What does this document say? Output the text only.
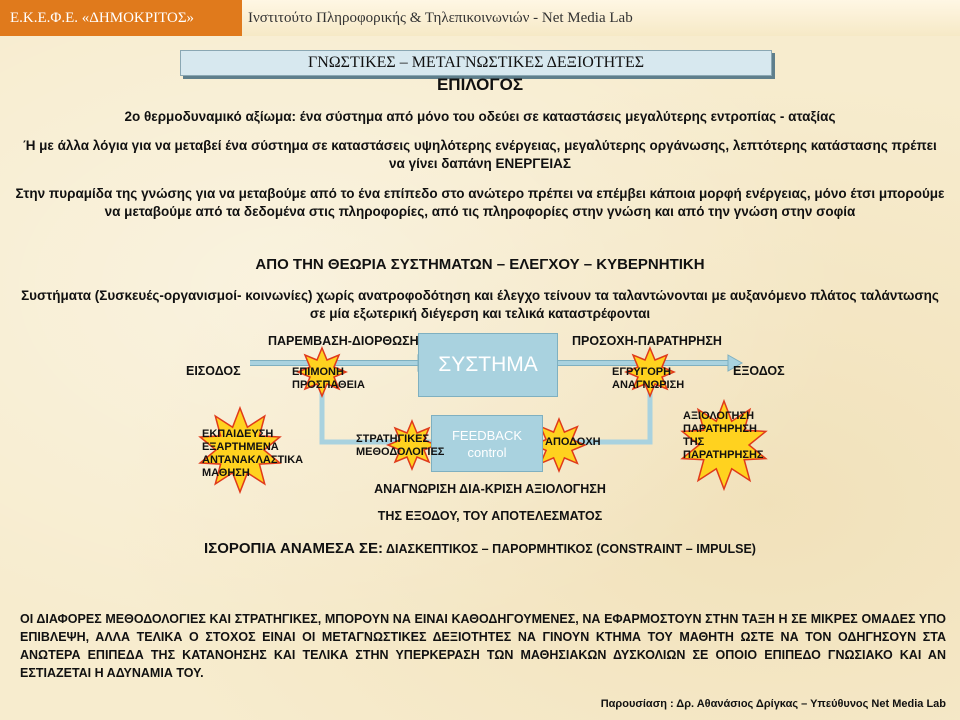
Ε.Κ.Ε.Φ.Ε. «ΔΗΜΟΚΡΙΤΟΣ»	Ινστιτούτο Πληροφορικής & Τηλεπικοινωνιών - Net Media Lab
ΓΝΩΣΤΙΚΕΣ – ΜΕΤΑΓΝΩΣΤΙΚΕΣ ΔΕΞΙΟΤΗΤΕΣ
ΕΠΙΛΟΓΟΣ
2ο θερμοδυναμικό αξίωμα: ένα σύστημα από μόνο του οδεύει σε καταστάσεις μεγαλύτερης εντροπίας - αταξίας
Ή με άλλα λόγια για να μεταβεί ένα σύστημα σε καταστάσεις υψηλότερης ενέργειας, μεγαλύτερης οργάνωσης, λεπτότερης κατάστασης πρέπει να γίνει δαπάνη ΕΝΕΡΓΕΙΑΣ
Στην πυραμίδα της γνώσης για να μεταβούμε από το ένα επίπεδο στο ανώτερο πρέπει να επέμβει κάποια μορφή ενέργειας, μόνο έτσι μπορούμε να μεταβούμε από τα δεδομένα στις πληροφορίες, από τις πληροφορίες στην γνώση και από την γνώση στην σοφία
ΑΠΟ ΤΗΝ ΘΕΩΡΙΑ ΣΥΣΤΗΜΑΤΩΝ – ΕΛΕΓΧΟΥ – ΚΥΒΕΡΝΗΤΙΚΗ
Συστήματα (Συσκευές-οργανισμοί- κοινωνίες) χωρίς ανατροφοδότηση και έλεγχο τείνουν τα ταλαντώνονται με αυξανόμενο πλάτος ταλάντωσης σε μία εξωτερική διέγερση και τελικά καταστρέφονται
ΣΥΣΤΗΜΑ
FEEDBACK
control
ΠΑΡΕΜΒΑΣΗ-ΔΙΟΡΘΩΣΗ	ΠΡΟΣΟΧΗ-ΠΑΡΑΤΗΡΗΣΗ
ΕΙΣΟΔΟΣ	ΕΞΟΔΟΣ
ΕΠΙΜΟΝΗ
ΠΡΟΣΠΑΘΕΙΑ
ΕΓΡΥΓΟΡΗ
ΑΝΑΓΝΩΡΙΣΗ
ΕΚΠΑΙΔΕΥΣΗ
ΕΞΑΡΤΗΜΕΝΑ
ΑΝΤΑΝΑΚΛΑΣΤΙΚΑ
ΜΑΘΗΣΗ
ΣΤΡΑΤΗΓΙΚΕΣ
ΜΕΘΟΔΟΛΟΓΙΕΣ
ΑΠΟΔΟΧΗ
ΑΞΙΟΛΟΓΗΣΗ
ΠΑΡΑΤΗΡΗΣΗ
ΤΗΣ
ΠΑΡΑΤΗΡΗΣΗΣ
ΑΝΑΓΝΩΡΙΣΗ ΔΙΑ-ΚΡΙΣΗ ΑΞΙΟΛΟΓΗΣΗ
ΤΗΣ ΕΞΟΔΟΥ, ΤΟΥ ΑΠΟΤΕΛΕΣΜΑΤΟΣ
ΙΣΟΡΟΠΙΑ ΑΝΑΜΕΣΑ ΣΕ: ΔΙΑΣΚΕΠΤΙΚΟΣ – ΠΑΡΟΡΜΗΤΙΚΟΣ (CONSTRAINT – IMPULSE)
ΟΙ ΔΙΑΦΟΡΕΣ ΜΕΘΟΔΟΛΟΓΙΕΣ ΚΑΙ ΣΤΡΑΤΗΓΙΚΕΣ, ΜΠΟΡΟΥΝ ΝΑ ΕΙΝΑΙ ΚΑΘΟΔΗΓΟΥΜΕΝΕΣ, ΝΑ ΕΦΑΡΜΟΣΤΟΥΝ ΣΤΗΝ ΤΑΞΗ Η ΣΕ ΜΙΚΡΕΣ ΟΜΑΔΕΣ ΥΠΟ ΕΠΙΒΛΕΨΗ, ΑΛΛΑ ΤΕΛΙΚΑ Ο ΣΤΟΧΟΣ ΕΙΝΑΙ ΟΙ ΜΕΤΑΓΝΩΣΤΙΚΕΣ ΔΕΞΙΟΤΗΤΕΣ ΝΑ ΓΙΝΟΥΝ ΚΤΗΜΑ ΤΟΥ ΜΑΘΗΤΗ ΩΣΤΕ ΝΑ ΤΟΝ ΟΔΗΓΗΣΟΥΝ ΣΤΑ ΑΝΩΤΕΡΑ ΕΠΙΠΕΔΑ ΤΗΣ ΚΑΤΑΝΟΗΣΗΣ ΚΑΙ ΤΕΛΙΚΑ ΣΤΗΝ ΥΠΕΡΚΕΡΑΣΗ ΤΩΝ ΜΑΘΗΣΙΑΚΩΝ ΔΥΣΚΟΛΙΩΝ ΣΕ ΟΠΟΙΟ ΕΠΙΠΕΔΟ ΓΝΩΣΙΑΚΟ ΚΑΙ ΑΝ ΕΣΤΙΑΖΕΤΑΙ Η ΑΔΥΝΑΜΙΑ ΤΟΥ.
Παρουσίαση : Δρ. Αθανάσιος Δρίγκας – Υπεύθυνος Net Media Lab
